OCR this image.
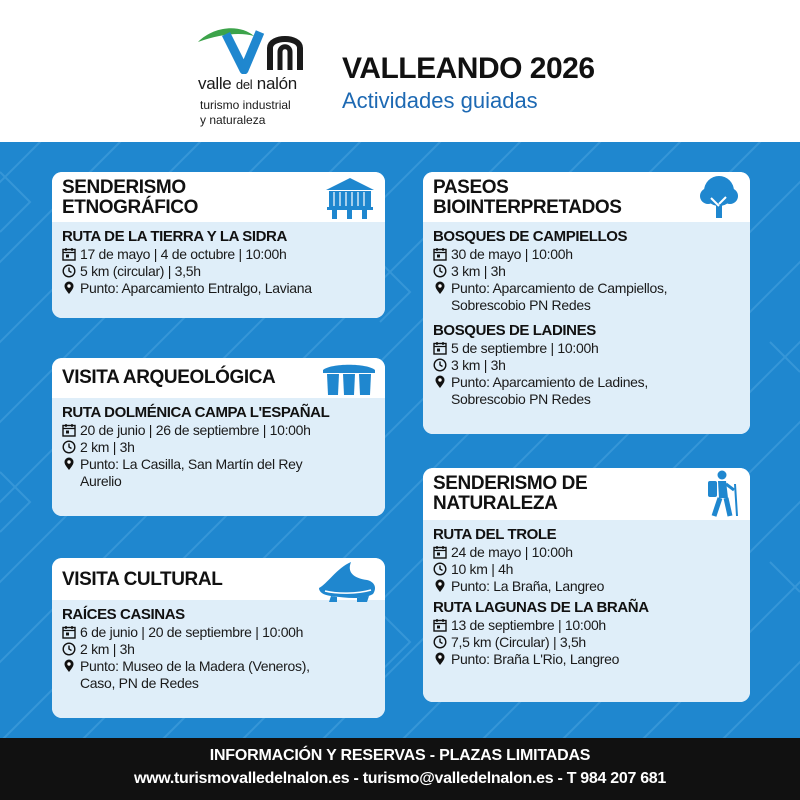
valle del nalón
turismo industrial
y naturaleza
VALLEANDO 2026
Actividades guiadas
SENDERISMO
ETNOGRÁFICO
RUTA DE LA TIERRA Y LA SIDRA
17 de mayo | 4 de octubre | 10:00h
5 km (circular) | 3,5h
Punto: Aparcamiento Entralgo, Laviana
VISITA ARQUEOLÓGICA
RUTA DOLMÉNICA CAMPA L'ESPAÑAL
20 de junio | 26 de septiembre | 10:00h
2 km | 3h
Punto: La Casilla, San Martín del Rey
Aurelio
VISITA CULTURAL
RAÍCES CASINAS
6 de junio | 20 de septiembre | 10:00h
2 km | 3h
Punto: Museo de la Madera (Veneros),
Caso, PN de Redes
PASEOS
BIOINTERPRETADOS
BOSQUES DE CAMPIELLOS
30 de mayo | 10:00h
3 km | 3h
Punto: Aparcamiento de Campiellos,
Sobrescobio PN Redes
BOSQUES DE LADINES
5 de septiembre | 10:00h
3 km | 3h
Punto: Aparcamiento de Ladines,
Sobrescobio PN Redes
SENDERISMO DE
NATURALEZA
RUTA DEL TROLE
24 de mayo | 10:00h
10 km | 4h
Punto: La Braña, Langreo
RUTA LAGUNAS DE LA BRAÑA
13 de septiembre | 10:00h
7,5 km (Circular) | 3,5h
Punto: Braña L'Rio, Langreo
INFORMACIÓN Y RESERVAS - PLAZAS LIMITADAS
www.turismovalledelnalon.es - turismo@valledelnalon.es - T 984 207 681
